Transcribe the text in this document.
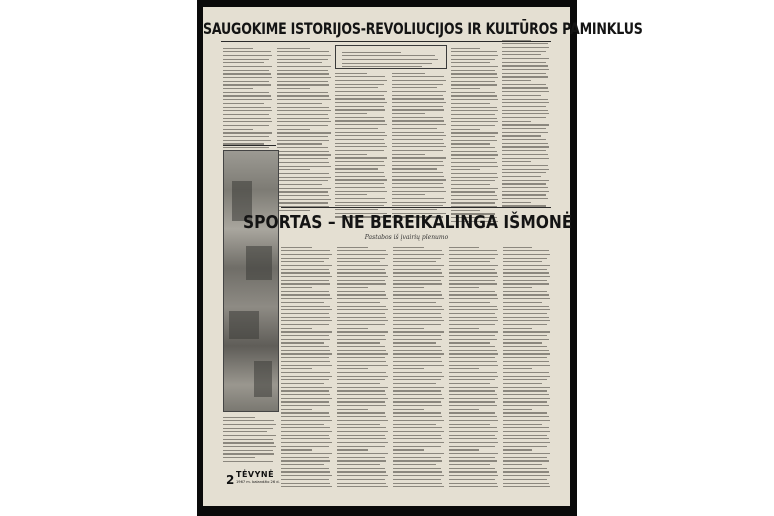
SAUGOKIME ISTORIJOS-REVOLIUCIJOS IR KULTŪROS PAMINKLUS
SPORTAS – NE BEREIKALINGA IŠMONĖ
Pastabos iš įvairių plenumo
2 TĖVYNĖ
1967 m. balandžio 26 d.
